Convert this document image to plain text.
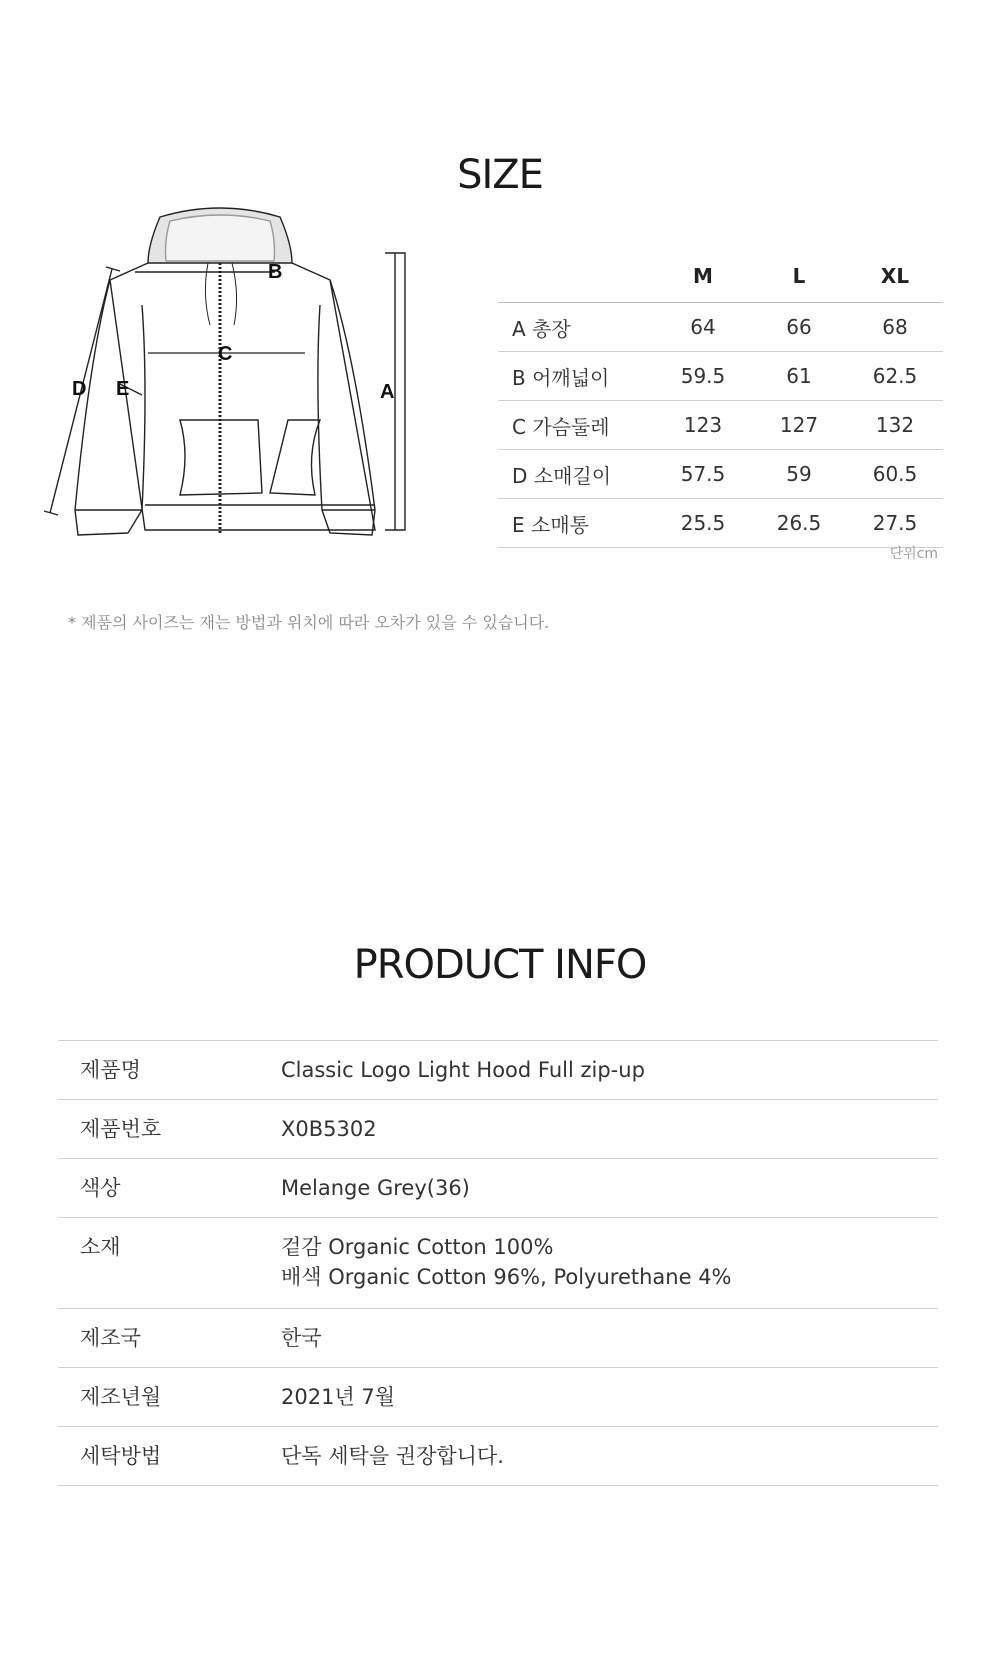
SIZE
B
C
D E	A
	M	L	XL
A 총장	64	66	68
B 어깨넓이	59.5	61	62.5
C 가슴둘레	123	127	132
D 소매길이	57.5	59	60.5
E 소매통	25.5	26.5	27.5
단위cm
* 제품의 사이즈는 재는 방법과 위치에 따라 오차가 있을 수 있습니다.
PRODUCT INFO
제품명	Classic Logo Light Hood Full zip-up
제품번호	X0B5302
색상	Melange Grey(36)
소재	겉감 Organic Cotton 100%
배색 Organic Cotton 96%, Polyurethane 4%

제조국	한국
제조년월	2021년 7월
세탁방법	단독 세탁을 권장합니다.
